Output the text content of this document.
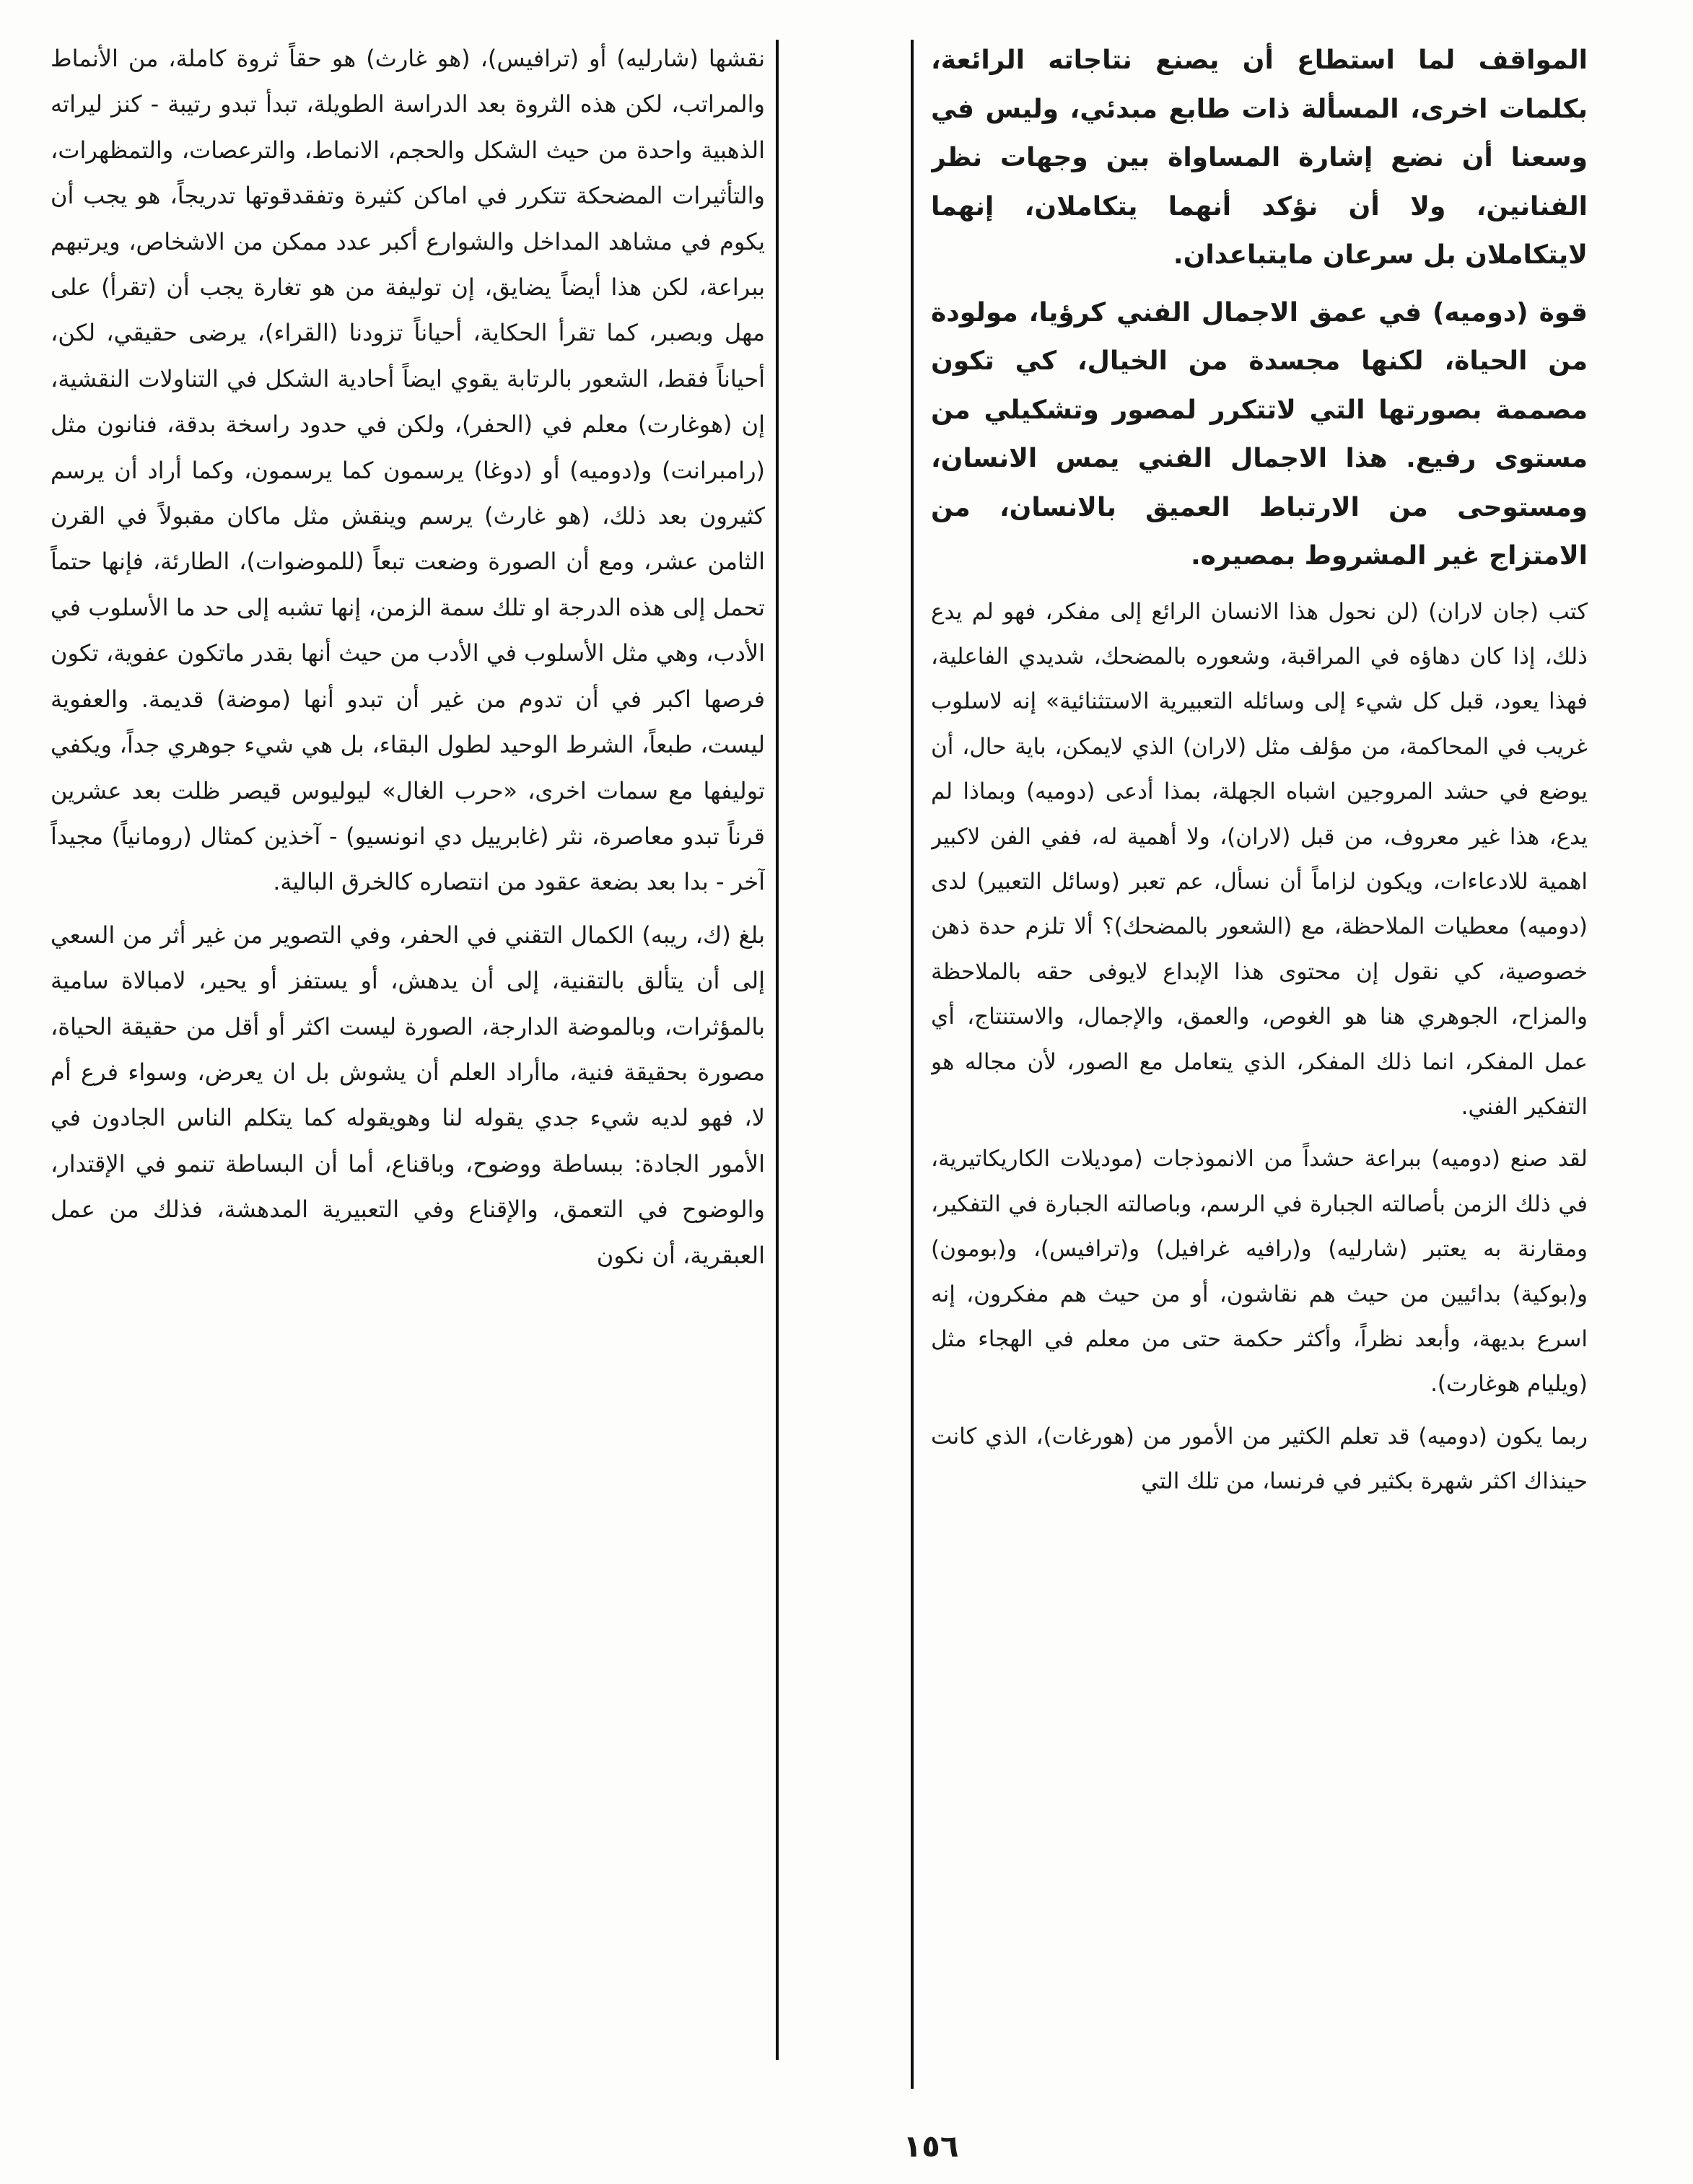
المواقف لما استطاع أن يصنع نتاجاته الرائعة، بكلمات اخرى، المسألة ذات طابع مبدئي، وليس في وسعنا أن نضع إشارة المساواة بين وجهات نظر الفنانين، ولا أن نؤكد أنهما يتكاملان، إنهما لايتكاملان بل سرعان مايتباعدان.

قوة (دوميه) في عمق الاجمال الفني كرؤيا، مولودة من الحياة، لكنها مجسدة من الخيال، كي تكون مصممة بصورتها التي لاتتكرر لمصور وتشكيلي من مستوى رفيع. هذا الاجمال الفني يمس الانسان، ومستوحى من الارتباط العميق بالانسان، من الامتزاج غير المشروط بمصيره.

كتب (جان لاران) (لن نحول هذا الانسان الرائع إلى مفكر، فهو لم يدع ذلك، إذا كان دهاؤه في المراقبة، وشعوره بالمضحك، شديدي الفاعلية، فهذا يعود، قبل كل شيء إلى وسائله التعبيرية الاستثنائية» إنه لاسلوب غريب في المحاكمة، من مؤلف مثل (لاران) الذي لايمكن، باية حال، أن يوضع في حشد المروجين اشباه الجهلة، بمذا أدعى (دوميه) وبماذا لم يدع، هذا غير معروف، من قبل (لاران)، ولا أهمية له، ففي الفن لاكبير اهمية للادعاءات، ويكون لزاماً أن نسأل، عم تعبر (وسائل التعبير) لدى (دوميه) معطيات الملاحظة، مع (الشعور بالمضحك)؟ ألا تلزم حدة ذهن خصوصية، كي نقول إن محتوى هذا الإبداع لايوفى حقه بالملاحظة والمزاح، الجوهري هنا هو الغوص، والعمق، والإجمال، والاستنتاج، أي عمل المفكر، انما ذلك المفكر، الذي يتعامل مع الصور، لأن مجاله هو التفكير الفني.

لقد صنع (دوميه) ببراعة حشداً من الانموذجات (موديلات الكاريكاتيرية، في ذلك الزمن بأصالته الجبارة في الرسم، وباصالته الجبارة في التفكير، ومقارنة به يعتبر (شارليه) و(رافيه غرافيل) و(ترافيس)، و(بومون) و(بوكية) بدائيين من حيث هم نقاشون، أو من حيث هم مفكرون، إنه اسرع بديهة، وأبعد نظراً، وأكثر حكمة حتى من معلم في الهجاء مثل (ويليام هوغارت).

ربما يكون (دوميه) قد تعلم الكثير من الأمور من (هورغات)، الذي كانت حينذاك اكثر شهرة بكثير في فرنسا، من تلك التي

نقشها (شارليه) أو (ترافيس)، (هو غارث) هو حقاً ثروة كاملة، من الأنماط والمراتب، لكن هذه الثروة بعد الدراسة الطويلة، تبدأ تبدو رتيبة - كنز ليراته الذهبية واحدة من حيث الشكل والحجم، الانماط، والترعصات، والتمظهرات، والتأثيرات المضحكة تتكرر في اماكن كثيرة وتفقدقوتها تدريجاً، هو يجب أن يكوم في مشاهد المداخل والشوارع أكبر عدد ممكن من الاشخاص، ويرتبهم ببراعة، لكن هذا أيضاً يضايق، إن توليفة من هو تغارة يجب أن (تقرأ) على مهل وبصبر، كما تقرأ الحكاية، أحياناً تزودنا (القراء)، يرضى حقيقي، لكن، أحياناً فقط، الشعور بالرتابة يقوي ايضاً أحادية الشكل في التناولات النقشية، إن (هوغارت) معلم في (الحفر)، ولكن في حدود راسخة بدقة، فنانون مثل (رامبرانت) و(دوميه) أو (دوغا) يرسمون كما يرسمون، وكما أراد أن يرسم كثيرون بعد ذلك، (هو غارث) يرسم وينقش مثل ماكان مقبولاً في القرن الثامن عشر، ومع أن الصورة وضعت تبعاً (للموضوات)، الطارئة، فإنها حتماً تحمل إلى هذه الدرجة او تلك سمة الزمن، إنها تشبه إلى حد ما الأسلوب في الأدب، وهي مثل الأسلوب في الأدب من حيث أنها بقدر ماتكون عفوية، تكون فرصها اكبر في أن تدوم من غير أن تبدو أنها (موضة) قديمة. والعفوية ليست، طبعاً، الشرط الوحيد لطول البقاء، بل هي شيء جوهري جداً، ويكفي توليفها مع سمات اخرى، «حرب الغال» ليوليوس قيصر ظلت بعد عشرين قرناً تبدو معاصرة، نثر (غابرييل دي انونسيو) - آخذين كمثال (رومانياً) مجيداً آخر - بدا بعد بضعة عقود من انتصاره كالخرق البالية.

بلغ (ك، ريبه) الكمال التقني في الحفر، وفي التصوير من غير أثر من السعي إلى أن يتألق بالتقنية، إلى أن يدهش، أو يستفز أو يحير، لامبالاة سامية بالمؤثرات، وبالموضة الدارجة، الصورة ليست اكثر أو أقل من حقيقة الحياة، مصورة بحقيقة فنية، ماأراد العلم أن يشوش بل ان يعرض، وسواء فرع أم لا، فهو لديه شيء جدي يقوله لنا وهويقوله كما يتكلم الناس الجادون في الأمور الجادة: ببساطة ووضوح، وباقناع، أما أن البساطة تنمو في الإقتدار، والوضوح في التعمق، والإقناع وفي التعبيرية المدهشة، فذلك من عمل العبقرية، أن نكون

١٥٦
